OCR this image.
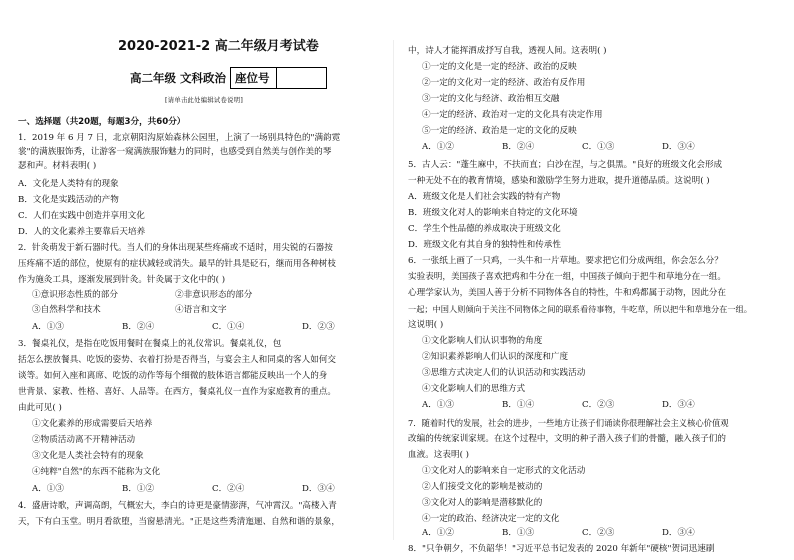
2020-2021-2 高二年级月考试卷
高二年级 文科政治 座位号
[请单击此处编辑试卷说明]
一、选择题（共20题，每题3分，共60分）
1．2019 年 6 月 7 日，北京朝阳沟原始森林公园里，上演了一场别具特色的"满韵霓
裳"的满族服饰秀，让游客一窥满族服饰魅力的同时，也感受到自然美与创作美的琴
瑟和声。材料表明( )
A．文化是人类特有的现象
B．文化是实践活动的产物
C．人们在实践中创造并享用文化
D．人的文化素养主要靠后天培养
2．针灸萌发于新石器时代。当人们的身体出现某些疼痛或不适时，用尖锐的石器按
压疼痛不适的部位，使原有的症状减轻或消失。最早的针具是砭石，继而用各种树枝
作为施灸工具，逐渐发展到针灸。针灸属于文化中的( )
①意识形态性质的部分	②非意识形态的部分
③自然科学和技术	④语言和文字
A．①③	B．②④	C．①④	D．②③
3．餐桌礼仪，是指在吃饭用餐时在餐桌上的礼仪常识。餐桌礼仪，包
括怎么摆放餐具、吃饭的姿势、衣着打扮是否得当，与宴会主人和同桌的客人如何交
谈等。如何入座和离席、吃饭的动作等每个细微的肢体语言都能反映出一个人的身
世背景、家教、性格、喜好、人品等。在西方，餐桌礼仪一直作为家庭教育的重点。
由此可见( )
①文化素养的形成需要后天培养
②物质活动离不开精神活动
③文化是人类社会特有的现象
④纯粹"自然"的东西不能称为文化
A．①③	B．①②	C．②④	D．③④
4．盛唐诗歌，声调高朗，气概宏大，李白的诗更是豪情澎湃，气冲霄汉。"高楼入青
天，下有白玉堂。明月看欲堕，当窗悬清光。"正是这些秀清迤逦、自然和谐的景象，
中，诗人才能挥洒成抒写自我，透视人间。这表明( )
①一定的文化是一定的经济、政治的反映
②一定的文化对一定的经济、政治有反作用
③一定的文化与经济、政治相互交融
④一定的经济、政治对一定的文化具有决定作用
⑤一定的经济、政治是一定的文化的反映
A．①②	B．②④	C．①③	D．③④
5．古人云："蓬生麻中，不扶而直；白沙在涅，与之俱黑。"良好的班级文化会形成
一种无处不在的教育情境，感染和激励学生努力进取，提升道德品质。这说明( )
A．班级文化是人们社会实践的特有产物
B．班级文化对人的影响来自特定的文化环境
C．学生个性品德的养成取决于班级文化
D．班级文化有其自身的独特性和传承性
6．一张纸上画了一只鸡，一头牛和一片草地。要求把它们分成两组，你会怎么分？
实验表明，美国孩子喜欢把鸡和牛分在一组，中国孩子倾向于把牛和草地分在一组。
心理学家认为，美国人善于分析不同物体各自的特性，牛和鸡都属于动物，因此分在
一起；中国人则倾向于关注不同物体之间的联系看待事物，牛吃草，所以把牛和草地分在一组。
这说明( )
①文化影响人们认识事物的角度
②知识素养影响人们认识的深度和广度
③思维方式决定人们的认识活动和实践活动
④文化影响人们的思维方式
A．①③	B．①④	C．②③	D．③④
7．随着时代的发展，社会的进步，一些地方让孩子们诵读你很理解社会主义核心价值观
改编的传统家训家规。在这个过程中，文明的种子潜入孩子们的骨髓，融入孩子们的
血液。这表明( )
①文化对人的影响来自一定形式的文化活动
②人们接受文化的影响是被动的
③文化对人的影响是潜移默化的
④一定的政治、经济决定一定的文化
A．①②	B．①③	C．②③	D．③④
8．"只争朝夕，不负韶华！"习近平总书记发表的 2020 年新年"硬核"贺词迅速刷
